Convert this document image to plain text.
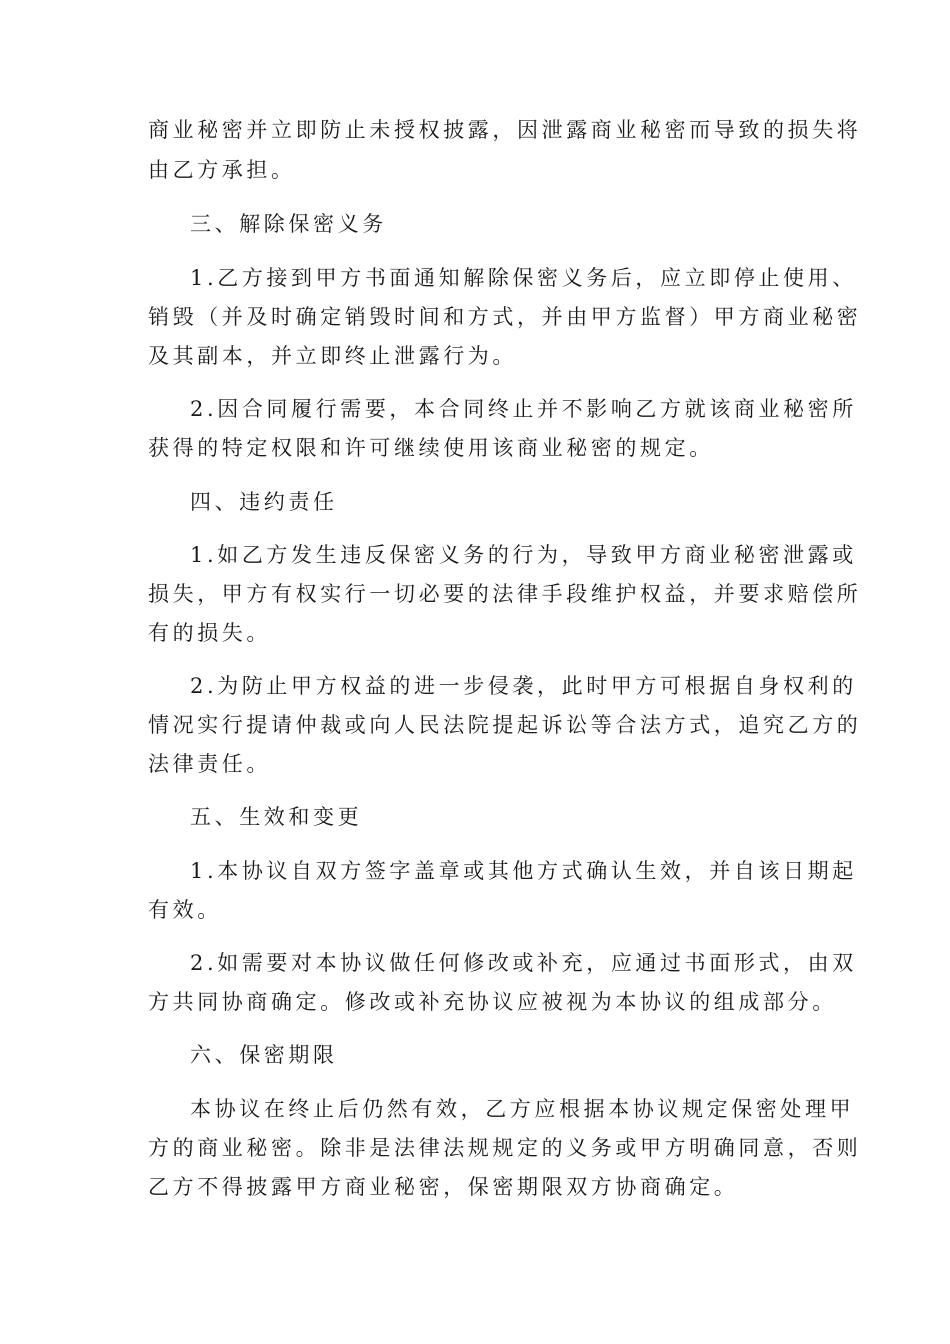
商业秘密并立即防止未授权披露，因泄露商业秘密而导致的损失将
由乙方承担。
三、解除保密义务
1.乙方接到甲方书面通知解除保密义务后，应立即停止使用、
销毁（并及时确定销毁时间和方式，并由甲方监督）甲方商业秘密
及其副本，并立即终止泄露行为。
2.因合同履行需要，本合同终止并不影响乙方就该商业秘密所
获得的特定权限和许可继续使用该商业秘密的规定。
四、违约责任
1.如乙方发生违反保密义务的行为，导致甲方商业秘密泄露或
损失，甲方有权实行一切必要的法律手段维护权益，并要求赔偿所
有的损失。
2.为防止甲方权益的进一步侵袭，此时甲方可根据自身权利的
情况实行提请仲裁或向人民法院提起诉讼等合法方式，追究乙方的
法律责任。
五、生效和变更
1.本协议自双方签字盖章或其他方式确认生效，并自该日期起
有效。
2.如需要对本协议做任何修改或补充，应通过书面形式，由双
方共同协商确定。修改或补充协议应被视为本协议的组成部分。
六、保密期限
本协议在终止后仍然有效，乙方应根据本协议规定保密处理甲
方的商业秘密。除非是法律法规规定的义务或甲方明确同意，否则
乙方不得披露甲方商业秘密，保密期限双方协商确定。
